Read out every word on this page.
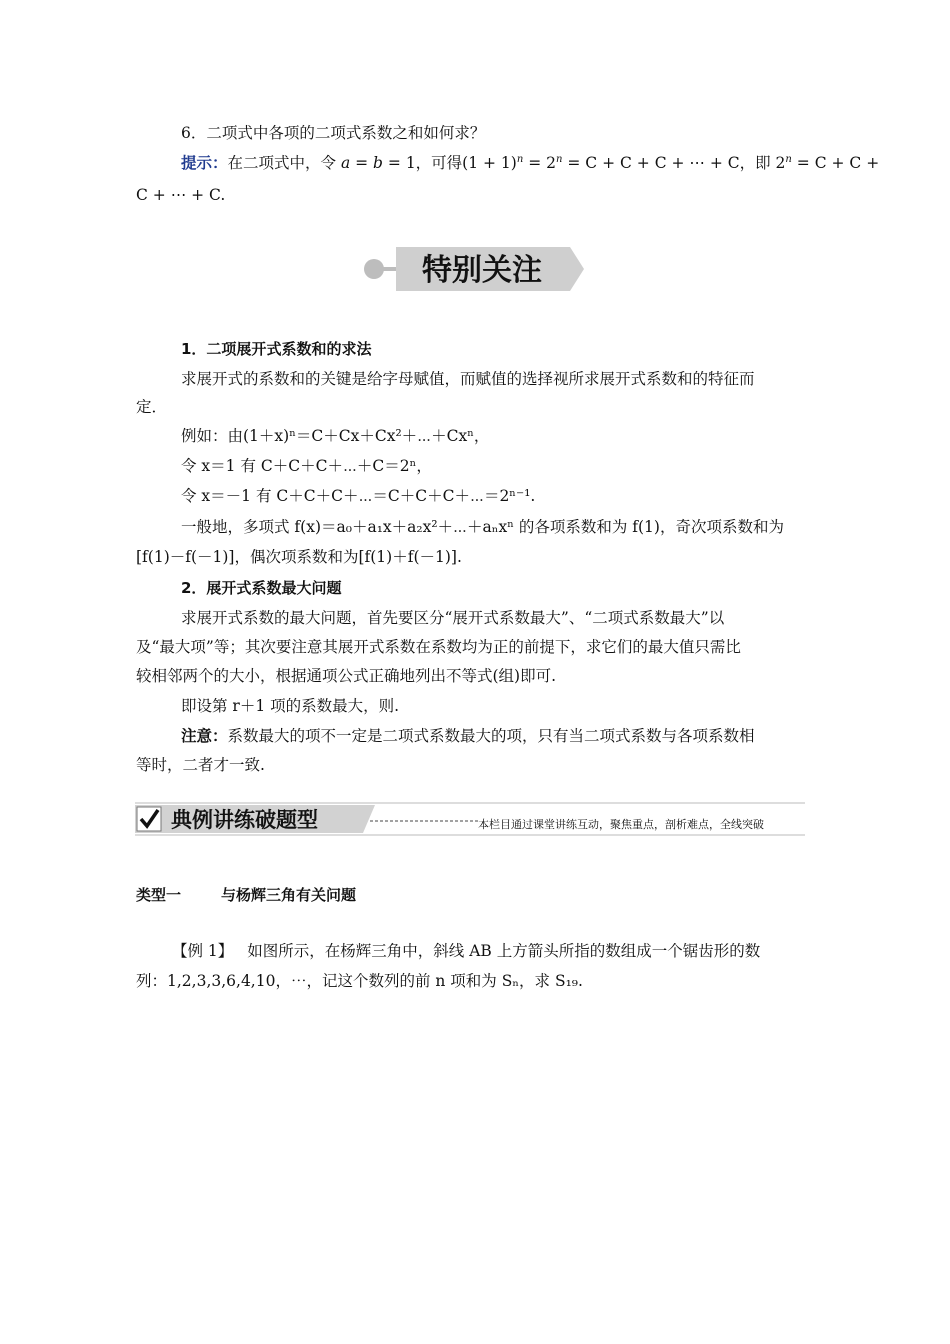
6．二项式中各项的二项式系数之和如何求？
提示：在二项式中，令 a = b = 1，可得$(1 + 1)^n = 2^n = C + C + C$ + ⋯ + C，即 $2^n = C + C$ +
C + ⋯ + C.
特别关注
1．二项展开式系数和的求法
求展开式的系数和的关键是给字母赋值，而赋值的选择视所求展开式系数和的特征而
定．
例如：由(1＋x)ⁿ＝C＋Cx＋Cx²＋⋯＋Cxⁿ，
令 x＝1 有 C＋C＋C＋⋯＋C＝2ⁿ，
令 x＝－1 有 C＋C＋C＋⋯＝C＋C＋C＋⋯＝2ⁿ⁻¹.
一般地，多项式 f(x)＝a₀＋a₁x＋a₂x²＋⋯＋aₙxⁿ 的各项系数和为 f(1)，奇次项系数和为
[f(1)－f(－1)]，偶次项系数和为[f(1)＋f(－1)].
2．展开式系数最大问题
求展开式系数的最大问题，首先要区分“展开式系数最大”、“二项式系数最大”以
及“最大项”等；其次要注意其展开式系数在系数均为正的前提下，求它们的最大值只需比
较相邻两个的大小，根据通项公式正确地列出不等式(组)即可.
即设第 r＋1 项的系数最大，则.
注意：系数最大的项不一定是二项式系数最大的项，只有当二项式系数与各项系数相
等时，二者才一致.
典例讲练破题型	本栏目通过课堂讲练互动，聚焦重点，剖析难点，全线突破
类型一	与杨辉三角有关问题
【例 1】 如图所示，在杨辉三角中，斜线 AB 上方箭头所指的数组成一个锯齿形的数
列：1,2,3,3,6,4,10，⋯，记这个数列的前 n 项和为 Sₙ，求 S₁₉.
